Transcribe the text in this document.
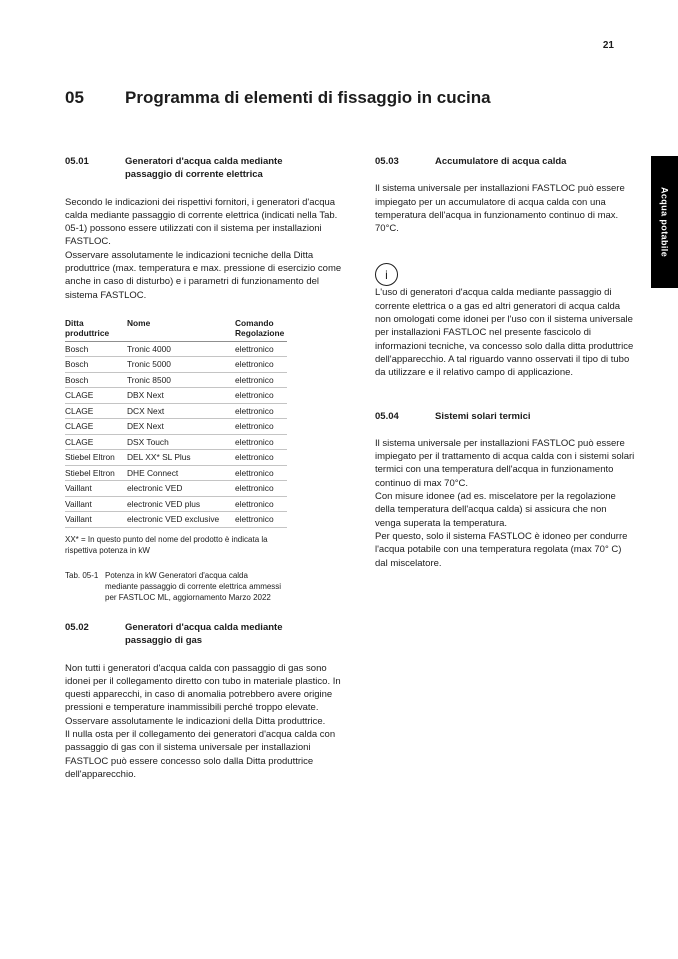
21
Acqua potabile
05	Programma di elementi di fissaggio in cucina
05.01	Generatori d'acqua calda mediante passaggio di corrente elettrica

Secondo le indicazioni dei rispettivi fornitori, i generatori d'acqua calda mediante passaggio di corrente elettrica (indicati nella Tab. 05-1) possono essere utilizzati con il sistema per installazioni FASTLOC.

Osservare assolutamente le indicazioni tecniche della Ditta produttrice (max. temperatura e max. pressione di esercizio come anche in caso di disturbo) e i parametri di funzionamento del sistema FASTLOC.

Ditta produttrice	Nome	Comando Regolazione
Bosch	Tronic 4000	elettronico
Bosch	Tronic 5000	elettronico
Bosch	Tronic 8500	elettronico
CLAGE	DBX Next	elettronico
CLAGE	DCX Next	elettronico
CLAGE	DEX Next	elettronico
CLAGE	DSX Touch	elettronico
Stiebel Eltron	DEL XX* SL Plus	elettronico
Stiebel Eltron	DHE Connect	elettronico
Vaillant	electronic VED	elettronico
Vaillant	electronic VED plus	elettronico
Vaillant	electronic VED exclusive	elettronico
XX* = In questo punto del nome del prodotto è indicata la rispettiva potenza in kW
Tab. 05-1 Potenza in kW Generatori d'acqua calda mediante passaggio di corrente elettrica ammessi per FASTLOC ML, aggiornamento Marzo 2022
05.02	Generatori d'acqua calda mediante passaggio di gas

Non tutti i generatori d'acqua calda con passaggio di gas sono idonei per il collegamento diretto con tubo in materiale plastico. In questi apparecchi, in caso di anomalia potrebbero avere origine pressioni e temperature inammissibili perché troppo elevate.

Osservare assolutamente le indicazioni della Ditta produttrice.

Il nulla osta per il collegamento dei generatori d'acqua calda con passaggio di gas con il sistema universale per installazioni FASTLOC può essere concesso solo dalla Ditta produttrice dell'apparecchio.

05.03	Accumulatore di acqua calda

Il sistema universale per installazioni FASTLOC può essere impiegato per un accumulatore di acqua calda con una temperatura dell'acqua in funzionamento continuo di max. 70°C.

i

L'uso di generatori d'acqua calda mediante passaggio di corrente elettrica o a gas ed altri generatori di acqua calda non omologati come idonei per l'uso con il sistema universale per installazioni FASTLOC nel presente fascicolo di informazioni tecniche, va concesso solo dalla ditta produttrice dell'apparecchio. A tal riguardo vanno osservati il tipo di tubo da utilizzare e il relativo campo di applicazione.

05.04	Sistemi solari termici

Il sistema universale per installazioni FASTLOC può essere impiegato per il trattamento di acqua calda con i sistemi solari termici con una temperatura dell'acqua in funzionamento continuo di max 70°C.

Con misure idonee (ad es. miscelatore per la regolazione della temperatura dell'acqua calda) si assicura che non venga superata la temperatura.

Per questo, solo il sistema FASTLOC è idoneo per condurre l'acqua potabile con una temperatura regolata (max 70° C) dal miscelatore.
